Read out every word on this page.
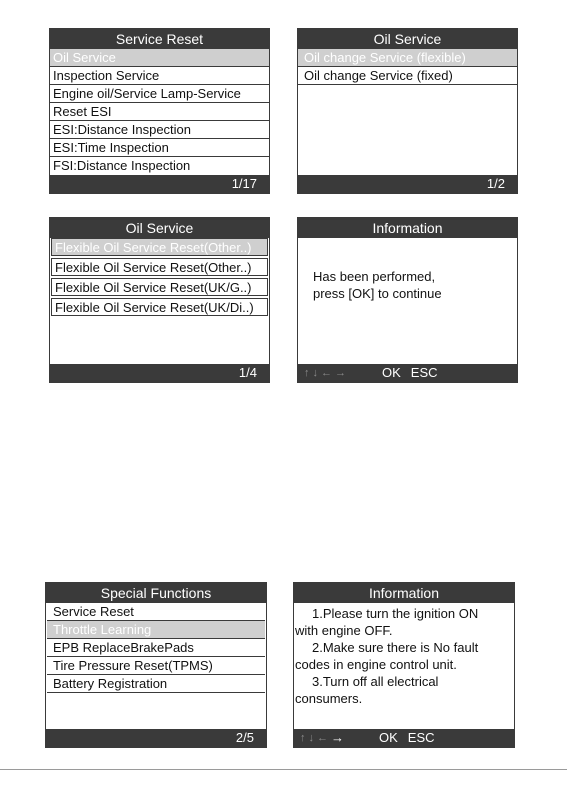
Service Reset
Oil Service
Inspection Service
Engine oil/Service Lamp-Service
Reset ESI
ESI:Distance Inspection
ESI:Time Inspection
FSI:Distance Inspection
1/17
Oil Service
Oil change Service (flexible)
Oil change Service (fixed)
1/2
Oil Service
Flexible Oil Service Reset(Other..)
Flexible Oil Service Reset(Other..)
Flexible Oil Service Reset(UK/G..)
Flexible Oil Service Reset(UK/Di..)
1/4
Information
Has been performed,
press [OK] to continue
↑ ↓ ← →	OK ESC
Special Functions
Service Reset
Throttle Learning
EPB ReplaceBrakePads
Tire Pressure Reset(TPMS)
Battery Registration
2/5
Information
1.Please turn the ignition ON
with engine OFF.
2.Make sure there is No fault
codes in engine control unit.
3.Turn off all electrical
consumers.
↑ ↓ ← →	OK ESC
